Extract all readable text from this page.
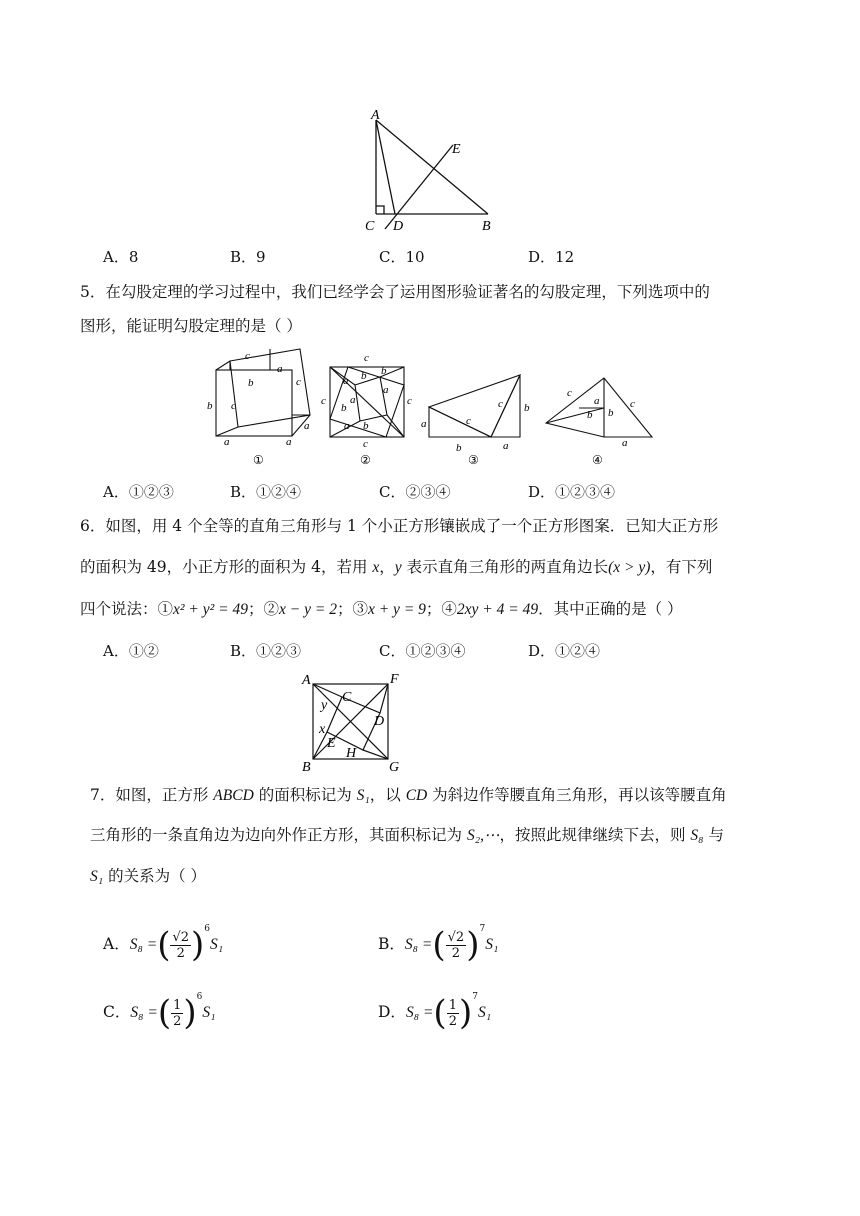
A
E
C D	B
A．8	B．9	C．10	D．12
5．在勾股定理的学习过程中，我们已经学会了运用图形验证著名的勾股定理，下列选项中的
图形，能证明勾股定理的是（ ）
c
a
b	c
b c
a
a	a
c
a b b
a
c	c
b
a
a b
c
c
a
c b
b	a
c
a	c
b b
a
①	②	③	④
A．①②③	B．①②④	C．②③④	D．①②③④
6．如图，用 4 个全等的直角三角形与 1 个小正方形镶嵌成了一个正方形图案．已知大正方形
的面积为 49，小正方形的面积为 4，若用 x，y 表示直角三角形的两直角边长(x > y)，有下列
四个说法：①x² + y² = 49；②x − y = 2；③x + y = 9；④2xy + 4 = 49．其中正确的是（ ）
A．①②	B．①②③	C．①②③④	D．①②④
A	F
C
y
D
x
E
H
B	G
7．如图，正方形 ABCD 的面积标记为 S₁，以 CD 为斜边作等腰直角三角形，再以该等腰直角
三角形的一条直角边为边向外作正方形，其面积标记为 S₂,⋯，按照此规律继续下去，则 S₈ 与
S₁ 的关系为（ ）
A．S₈ =( $\frac{√2}{2} )^6S_1$	B．S₈ =( $\frac{√2}{2} )^7S_1$
C．S₈ =( $\frac{1}{2} )^6S_1$	D．S₈ =( $\frac{1}{2} )^7S_1$
